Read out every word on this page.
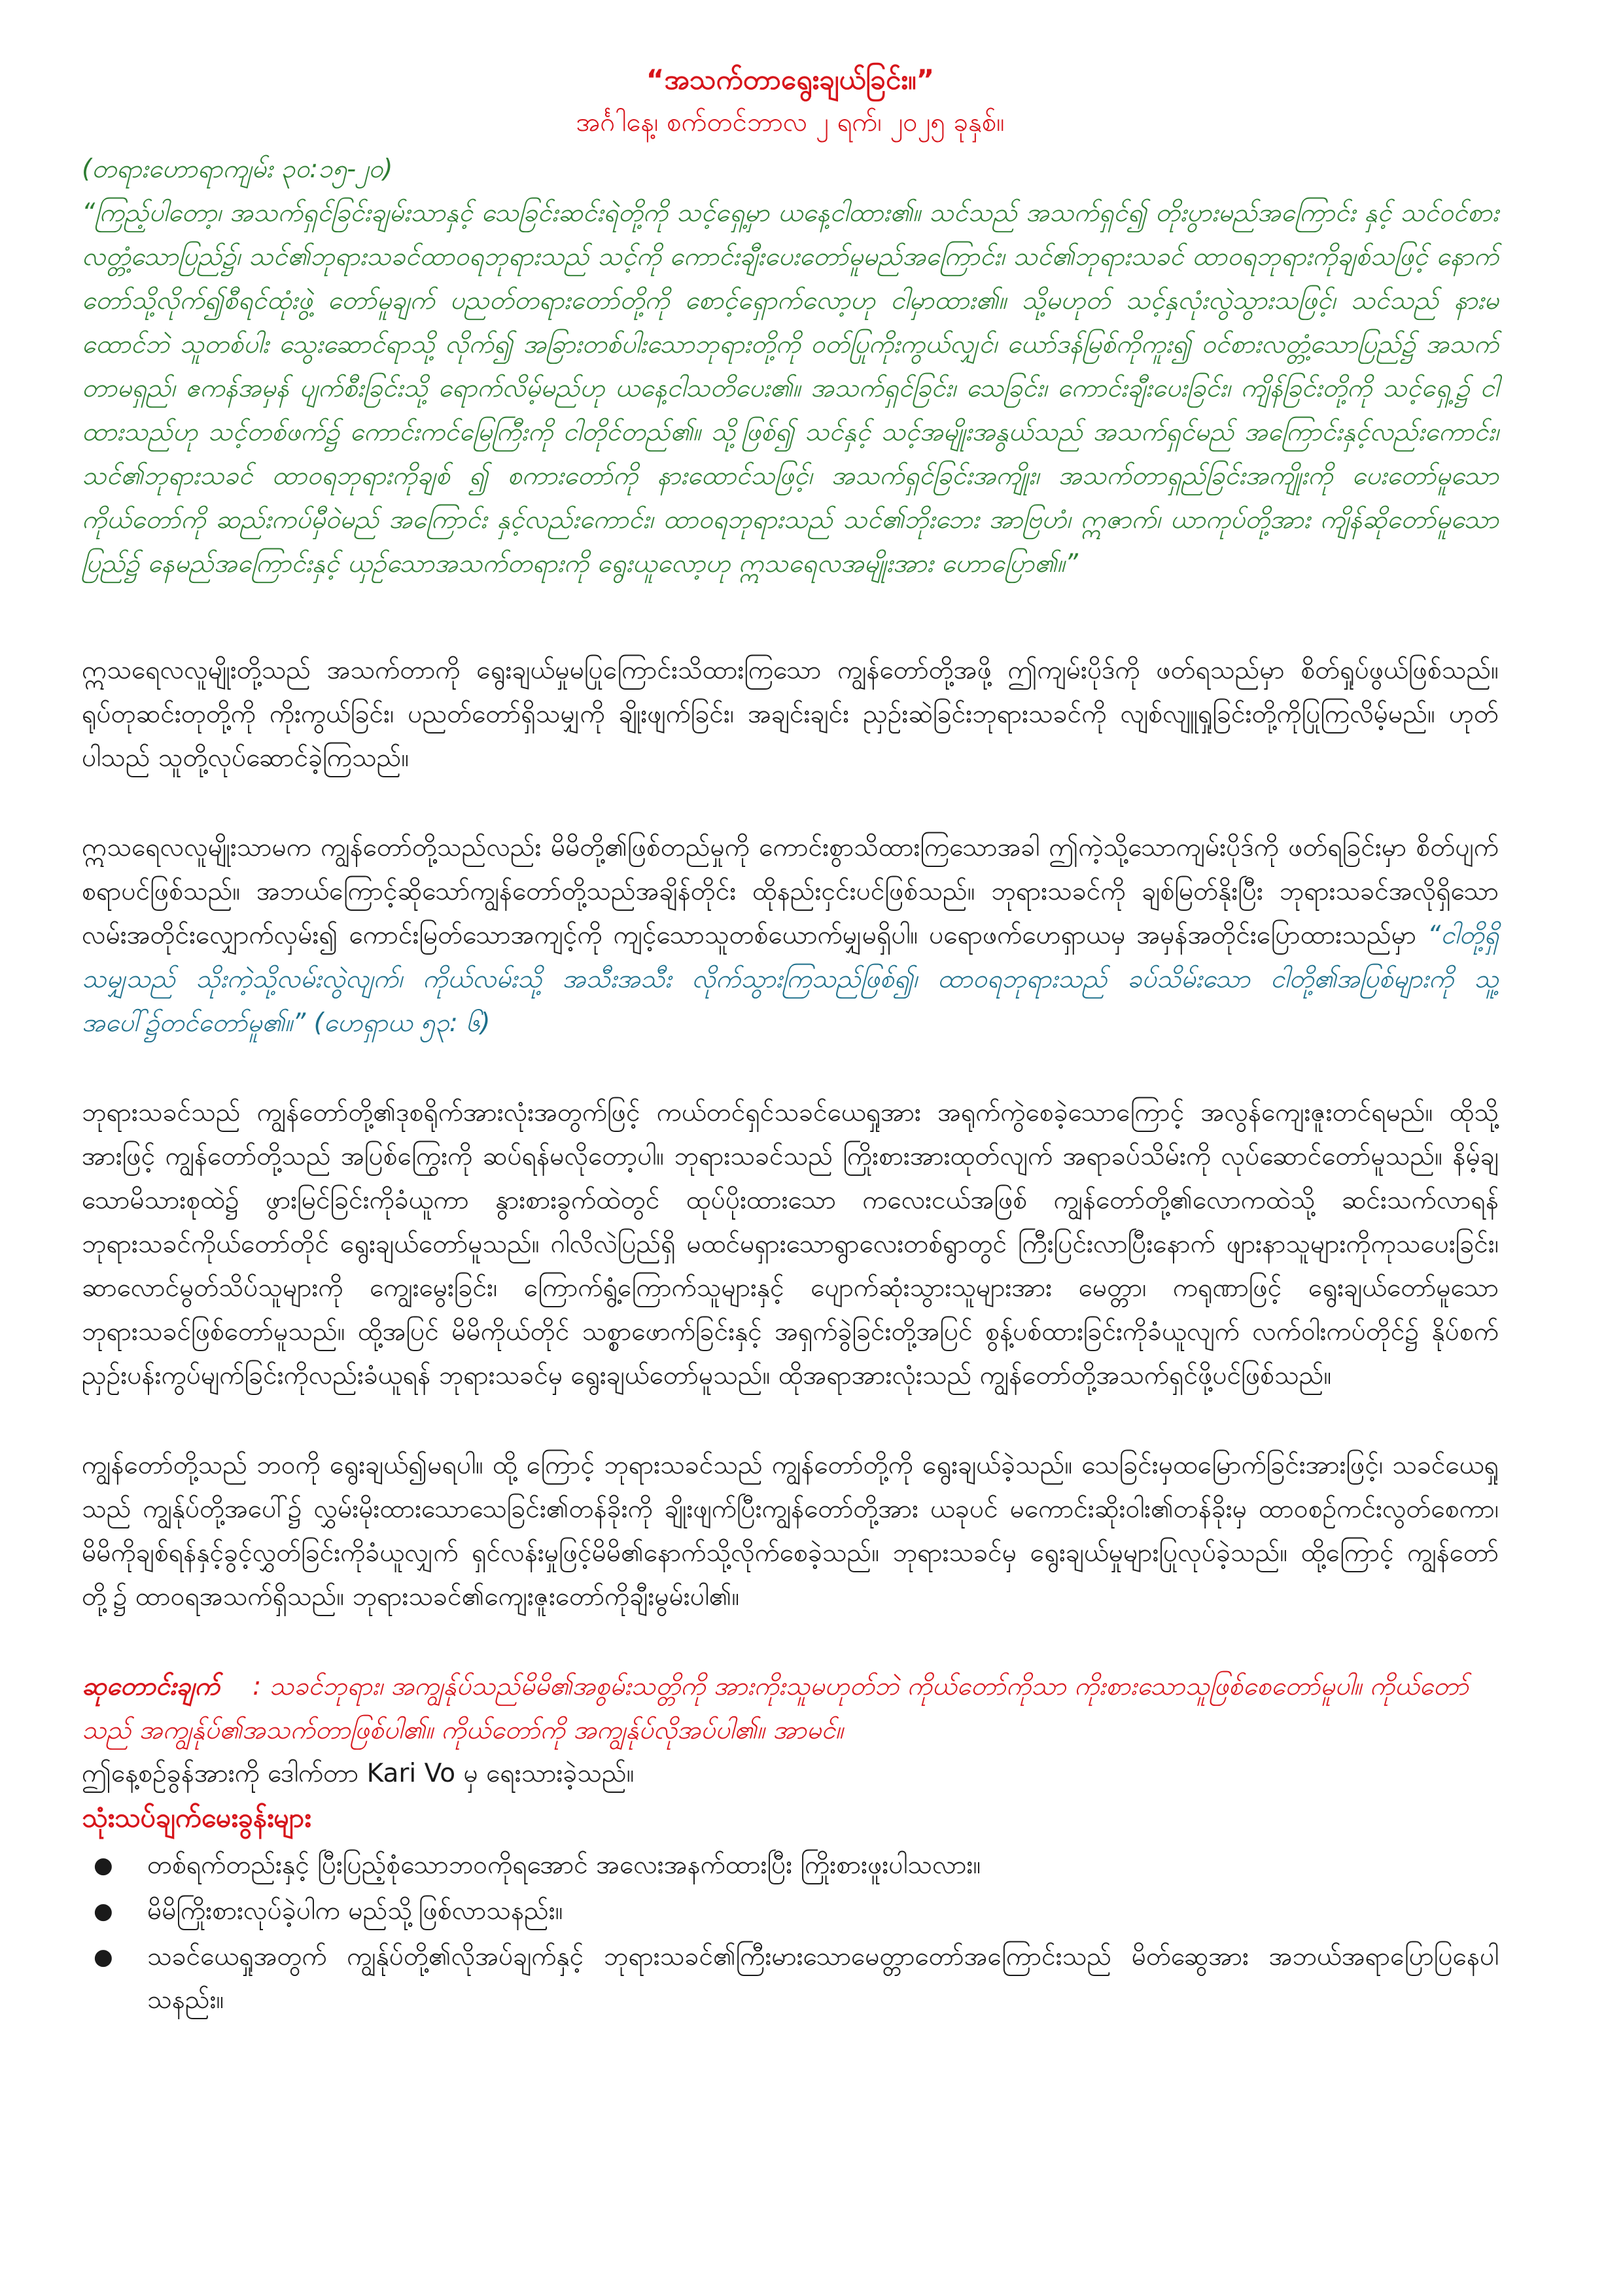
“အသက်တာရွေးချယ်ခြင်း။”

အင်္ဂါနေ့၊ စက်တင်ဘာလ ၂ ရက်၊ ၂၀၂၅ ခုနှစ်။

(တရားဟောရာကျမ်း ၃၀:၁၅-၂၀)

“ကြည့်ပါတော့၊ အသက်ရှင်ခြင်းချမ်းသာနှင့် သေခြင်းဆင်းရဲတို့ကို သင့်ရှေ့မှာ ယနေ့ငါထား၏။ သင်သည် အသက်ရှင်၍ တိုးပွားမည်အကြောင်း နှင့် သင်ဝင်စားလတ္တံ့သောပြည်၌၊ သင်၏ဘုရားသခင်ထာဝရဘုရားသည် သင့်ကို ကောင်းချီးပေးတော်မူမည်အကြောင်း၊ သင်၏ဘုရားသခင် ထာဝရဘုရားကိုချစ်သဖြင့် နောက်တော်သို့လိုက်၍စီရင်ထုံးဖွဲ့ တော်မူချက် ပညတ်တရားတော်တို့ကို စောင့်ရှောက်လော့ဟု ငါမှာထား၏။ သို့မဟုတ် သင့်နှလုံးလွဲသွားသဖြင့်၊ သင်သည် နားမထောင်ဘဲ သူတစ်ပါး သွေးဆောင်ရာသို့ လိုက်၍ အခြားတစ်ပါးသောဘုရားတို့ကို ဝတ်ပြုကိုးကွယ်လျှင်၊ ယော်ဒန်မြစ်ကိုကူး၍ ဝင်စားလတ္တံ့သောပြည်၌ အသက်တာမရှည်၊ ဧကန်အမှန် ပျက်စီးခြင်းသို့ ရောက်လိမ့်မည်ဟု ယနေ့ငါသတိပေး၏။ အသက်ရှင်ခြင်း၊ သေခြင်း၊ ကောင်းချီးပေးခြင်း၊ ကျိန်ခြင်းတို့ကို သင့်ရှေ့၌ ငါထားသည်ဟု သင့်တစ်ဖက်၌ ကောင်းကင်မြေကြီးကို ငါတိုင်တည်၏။ သို့ဖြစ်၍ သင်နှင့် သင့်အမျိုးအနွယ်သည် အသက်ရှင်မည် အကြောင်းနှင့်လည်းကောင်း၊ သင်၏ဘုရားသခင် ထာဝရဘုရားကိုချစ် ၍ စကားတော်ကို နားထောင်သဖြင့်၊ အသက်ရှင်ခြင်းအကျိုး၊ အသက်တာရှည်ခြင်းအကျိုးကို ပေးတော်မူသော ကိုယ်တော်ကို ဆည်းကပ်မှီဝဲမည် အကြောင်း နှင့်လည်းကောင်း၊ ထာဝရဘုရားသည် သင်၏ဘိုးဘေး အာဗြဟံ၊ ဣဇာက်၊ ယာကုပ်တို့အား ကျိန်ဆိုတော်မူသောပြည်၌ နေမည်အကြောင်းနှင့် ယှဉ်သောအသက်တရားကို ရွေးယူလော့ဟု ဣသရေလအမျိုးအား ဟောပြော၏။”

ဣသရေလလူမျိုးတို့သည် အသက်တာကို ရွေးချယ်မှုမပြုကြောင်းသိထားကြသော ကျွန်တော်တို့အဖို့ ဤကျမ်းပိုဒ်ကို ဖတ်ရသည်မှာ စိတ်ရှုပ်ဖွယ်ဖြစ်သည်။ ရုပ်တုဆင်းတုတို့ကို ကိုးကွယ်ခြင်း၊ ပညတ်တော်ရှိသမျှကို ချိုးဖျက်ခြင်း၊ အချင်းချင်း ညှဉ်းဆဲခြင်းဘုရားသခင်ကို လျစ်လျူရှုခြင်းတို့ကိုပြုကြလိမ့်မည်။ ဟုတ်ပါသည် သူတို့လုပ်ဆောင်ခဲ့ကြသည်။

ဣသရေလလူမျိုးသာမက ကျွန်တော်တို့သည်လည်း မိမိတို့၏ဖြစ်တည်မှုကို ကောင်းစွာသိထားကြသောအခါ ဤကဲ့သို့သောကျမ်းပိုဒ်ကို ဖတ်ရခြင်းမှာ စိတ်ပျက်စရာပင်ဖြစ်သည်။ အဘယ်ကြောင့်ဆိုသော်ကျွန်တော်တို့သည်အချိန်တိုင်း ထိုနည်းငှင်းပင်ဖြစ်သည်။ ဘုရားသခင်ကို ချစ်မြတ်နိုးပြီး ဘုရားသခင်အလိုရှိသောလမ်းအတိုင်းလျှောက်လှမ်း၍ ကောင်းမြတ်သောအကျင့်ကို ကျင့်သောသူတစ်ယောက်မျှမရှိပါ။ ပရောဖက်ဟေရှာယမှ အမှန်အတိုင်းပြောထားသည်မှာ “ငါတို့ရှိသမျှသည် သိုးကဲ့သို့လမ်းလွဲလျက်၊ ကိုယ်လမ်းသို့ အသီးအသီး လိုက်သွားကြသည်ဖြစ်၍၊ ထာဝရဘုရားသည် ခပ်သိမ်းသော ငါတို့၏အပြစ်များကို သူ့အပေါ်၌တင်တော်မူ၏။” (ဟေရှာယ ၅၃: ၆)

ဘုရားသခင်သည် ကျွန်တော်တို့၏ဒုစရိုက်အားလုံးအတွက်ဖြင့် ကယ်တင်ရှင်သခင်ယေရှုအား အရုက်ကွဲစေခဲ့သောကြောင့် အလွန်ကျေးဇူးတင်ရမည်။ ထိုသို့အားဖြင့် ကျွန်တော်တို့သည် အပြစ်ကြွေးကို ဆပ်ရန်မလိုတော့ပါ။ ဘုရားသခင်သည် ကြိုးစားအားထုတ်လျက် အရာခပ်သိမ်းကို လုပ်ဆောင်တော်မူသည်။ နိမ့်ချသောမိသားစုထဲ၌ ဖွားမြင်ခြင်းကိုခံယူကာ နွားစားခွက်ထဲတွင် ထုပ်ပိုးထားသော ကလေးငယ်အဖြစ် ကျွန်တော်တို့၏လောကထဲသို့ ဆင်းသက်လာရန် ဘုရားသခင်ကိုယ်တော်တိုင် ရွေးချယ်တော်မူသည်။ ဂါလိလဲပြည်ရှိ မထင်မရှားသောရွာလေးတစ်ရွာတွင် ကြီးပြင်းလာပြီးနောက် ဖျားနာသူများကိုကုသပေးခြင်း၊ ဆာလောင်မွတ်သိပ်သူများကို ကျွေးမွေးခြင်း၊ ကြောက်ရွံ့ကြောက်သူများနှင့် ပျောက်ဆုံးသွားသူများအား မေတ္တာ၊ ကရုဏာဖြင့် ရွေးချယ်တော်မူသော ဘုရားသခင်ဖြစ်တော်မူသည်။ ထို့အပြင် မိမိကိုယ်တိုင် သစ္စာဖောက်ခြင်းနှင့် အရှက်ခွဲခြင်းတို့အပြင် စွန့်ပစ်ထားခြင်းကိုခံယူလျက် လက်ဝါးကပ်တိုင်၌ နိုပ်စက်ညှဉ်းပန်းကွပ်မျက်ခြင်းကိုလည်းခံယူရန် ဘုရားသခင်မှ ရွေးချယ်တော်မူသည်။ ထိုအရာအားလုံးသည် ကျွန်တော်တို့အသက်ရှင်ဖို့ပင်ဖြစ်သည်။

ကျွန်တော်တို့သည် ဘဝကို ရွေးချယ်၍မရပါ။ ထို့ ကြောင့် ဘုရားသခင်သည် ကျွန်တော်တို့ကို ရွေးချယ်ခဲ့သည်။ သေခြင်းမှထမြောက်ခြင်းအားဖြင့်၊ သခင်ယေရှုသည် ကျွန်ုပ်တို့အပေါ်၌ လွှမ်းမိုးထားသောသေခြင်း၏တန်ခိုးကို ချိုးဖျက်ပြီးကျွန်တော်တို့အား ယခုပင် မကောင်းဆိုးဝါး၏တန်ခိုးမှ ထာဝစဉ်ကင်းလွတ်စေကာ၊ မိမိကိုချစ်ရန်နှင့်ခွင့်လွှတ်ခြင်းကိုခံယူလျှက် ရှင်လန်းမှုဖြင့်မိမိ၏နောက်သို့လိုက်စေခဲ့သည်။ ဘုရားသခင်မှ ရွေးချယ်မှုများပြုလုပ်ခဲ့သည်။ ထို့ကြောင့် ကျွန်တော်တို့၌ ထာဝရအသက်ရှိသည်။ ဘုရားသခင်၏ကျေးဇူးတော်ကိုချီးမွမ်းပါ၏။

ဆုတောင်းချက် : သခင်ဘုရား၊ အကျွန်ုပ်သည်မိမိ၏အစွမ်းသတ္တိကို အားကိုးသူမဟုတ်ဘဲ ကိုယ်တော်ကိုသာ ကိုးစားသောသူဖြစ်စေတော်မူပါ။ ကိုယ်တော်သည် အကျွန်ုပ်၏အသက်တာဖြစ်ပါ၏။ ကိုယ်တော်ကို အကျွန်ုပ်လိုအပ်ပါ၏။ အာမင်။

ဤနေ့စဉ်ခွန်အားကို ဒေါက်တာ Kari Vo မှ ရေးသားခဲ့သည်။

သုံးသပ်ချက်မေးခွန်းများ

● တစ်ရက်တည်းနှင့် ပြီးပြည့်စုံသောဘဝကိုရအောင် အလေးအနက်ထားပြီး ကြိုးစားဖူးပါသလား။
● မိမိကြိုးစားလုပ်ခဲ့ပါက မည်သို့ဖြစ်လာသနည်း။
● သခင်ယေရှုအတွက် ကျွန်ုပ်တို့၏လိုအပ်ချက်နှင့် ဘုရားသခင်၏ကြီးမားသောမေတ္တာတော်အကြောင်းသည် မိတ်ဆွေအား အဘယ်အရာပြောပြနေပါသနည်း။
